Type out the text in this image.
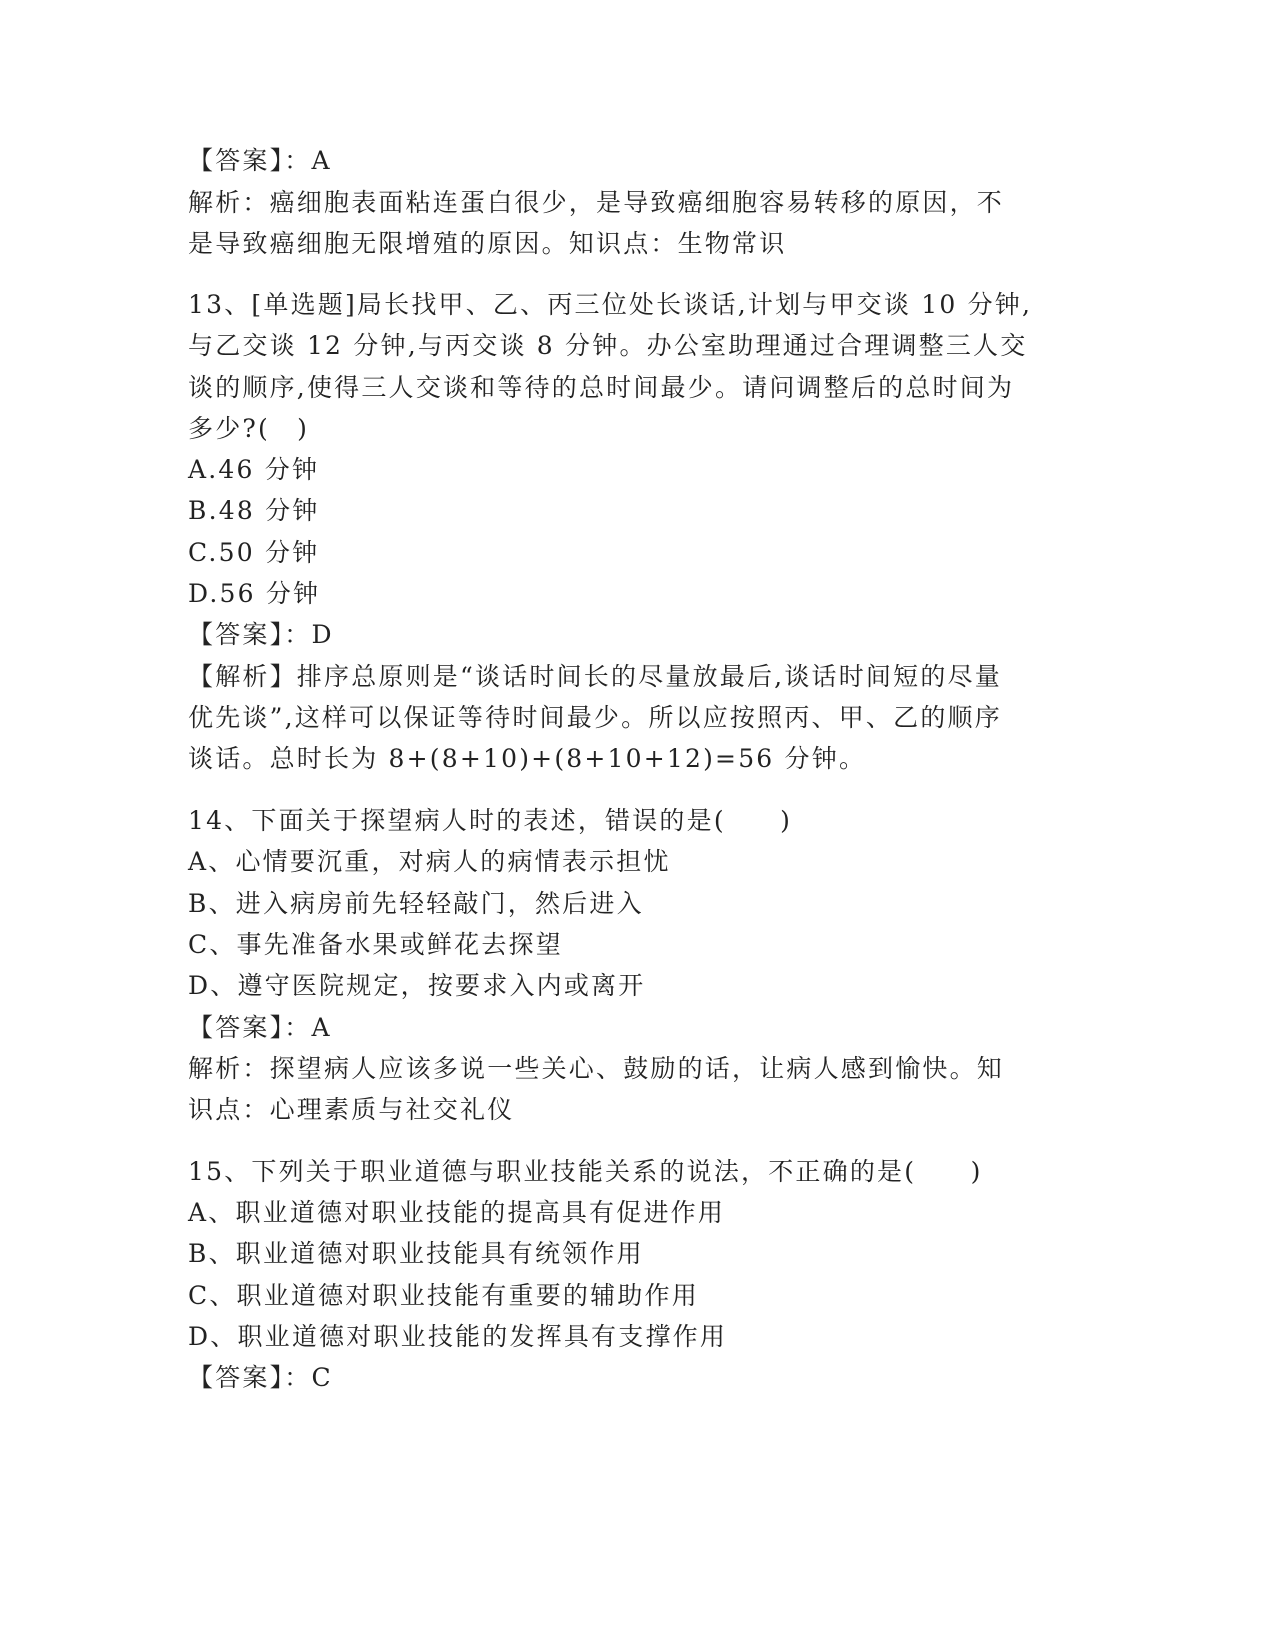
【答案】：A
解析：癌细胞表面粘连蛋白很少，是导致癌细胞容易转移的原因，不
是导致癌细胞无限增殖的原因。知识点：生物常识
13、[单选题]局长找甲、乙、丙三位处长谈话,计划与甲交谈 10 分钟,
与乙交谈 12 分钟,与丙交谈 8 分钟。办公室助理通过合理调整三人交
谈的顺序,使得三人交谈和等待的总时间最少。请问调整后的总时间为
多少?(　)
A.46 分钟
B.48 分钟
C.50 分钟
D.56 分钟
【答案】：D
【解析】排序总原则是“谈话时间长的尽量放最后,谈话时间短的尽量
优先谈”,这样可以保证等待时间最少。所以应按照丙、甲、乙的顺序
谈话。总时长为 8+(8+10)+(8+10+12)=56 分钟。
14、下面关于探望病人时的表述，错误的是(　　)
A、心情要沉重，对病人的病情表示担忧
B、进入病房前先轻轻敲门，然后进入
C、事先准备水果或鲜花去探望
D、遵守医院规定，按要求入内或离开
【答案】：A
解析：探望病人应该多说一些关心、鼓励的话，让病人感到愉快。知
识点：心理素质与社交礼仪
15、下列关于职业道德与职业技能关系的说法，不正确的是(　　)
A、职业道德对职业技能的提高具有促进作用
B、职业道德对职业技能具有统领作用
C、职业道德对职业技能有重要的辅助作用
D、职业道德对职业技能的发挥具有支撑作用
【答案】：C
